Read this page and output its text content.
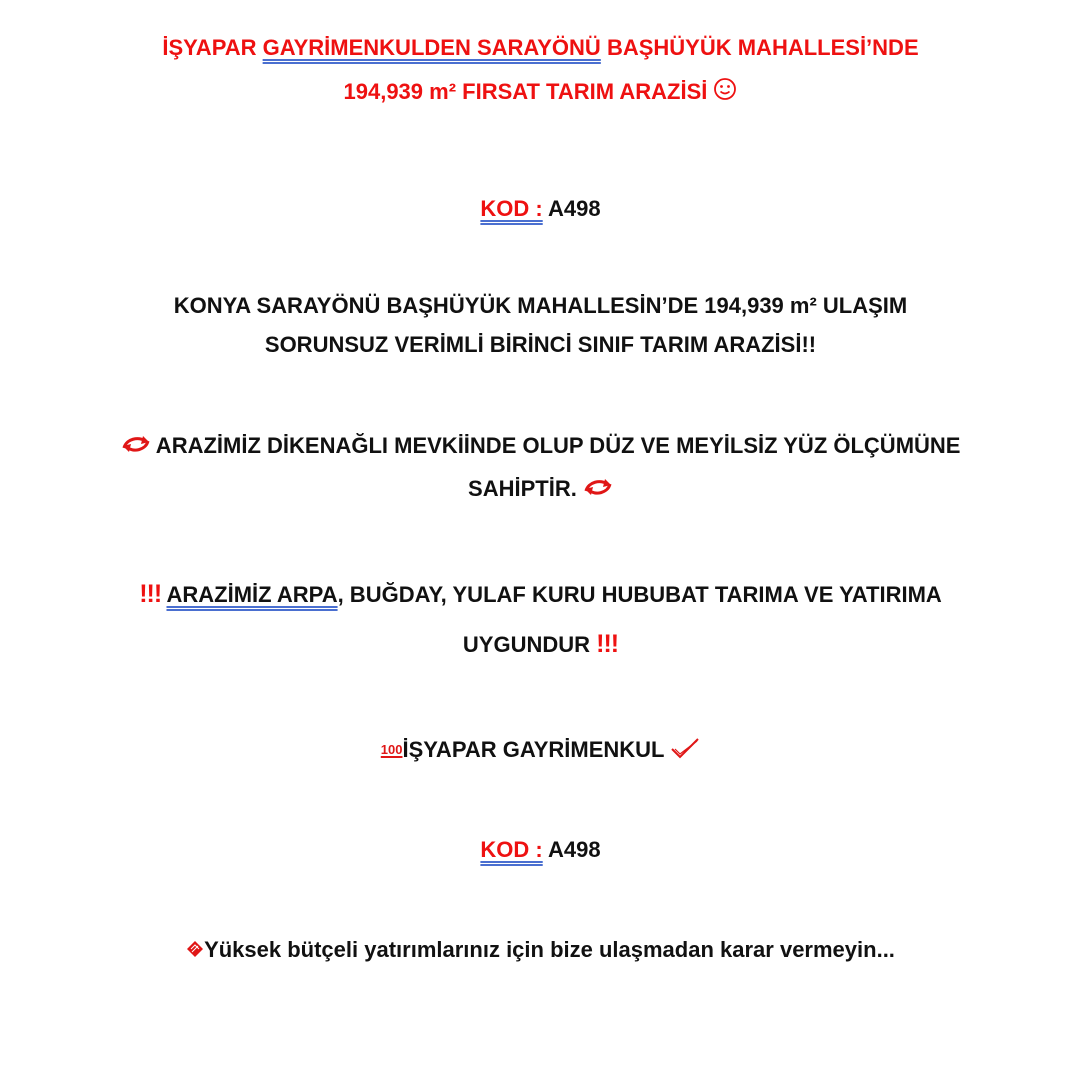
İŞYAPAR GAYRİMENKULDEN SARAYÖNÜ BAŞHÜYÜK MAHALLESİ’NDE
194,939 m² FIRSAT TARIM ARAZİSİ
KOD : A498
KONYA SARAYÖNÜ BAŞHÜYÜK MAHALLESİN’DE 194,939 m² ULAŞIM
SORUNSUZ VERİMLİ BİRİNCİ SINIF TARIM ARAZİSİ!!
ARAZİMİZ DİKENAĞLI MEVKİİNDE OLUP DÜZ VE MEYİLSİZ YÜZ ÖLÇÜMÜNE
SAHİPTİR.
!!! ARAZİMİZ ARPA, BUĞDAY, YULAF KURU HUBUBAT TARIMA VE YATIRIMA
UYGUNDUR !!!
100İŞYAPAR GAYRİMENKUL
KOD : A498
Yüksek bütçeli yatırımlarınız için bize ulaşmadan karar vermeyin...
